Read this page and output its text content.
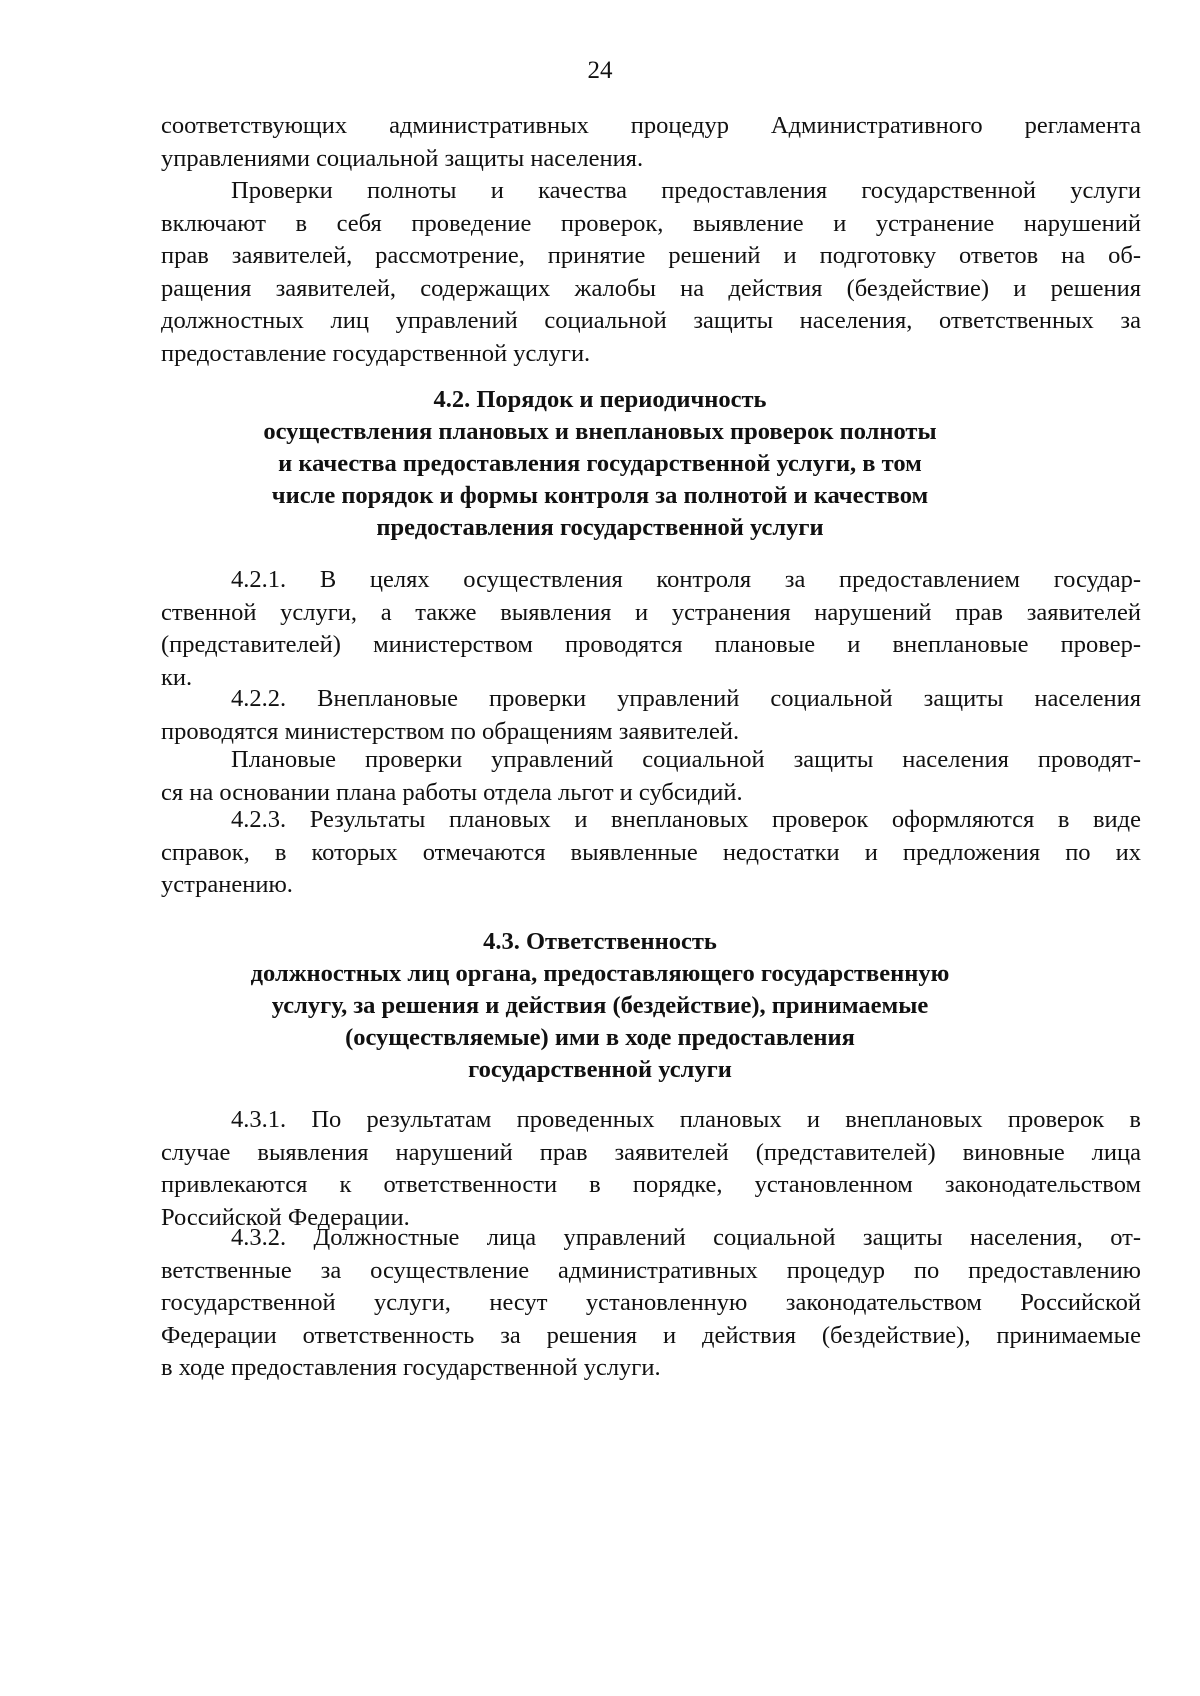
24
соответствующих административных процедур Административного регламента
управлениями социальной защиты населения.
Проверки полноты и качества предоставления государственной услуги
включают в себя проведение проверок, выявление и устранение нарушений
прав заявителей, рассмотрение, принятие решений и подготовку ответов на об-
ращения заявителей, содержащих жалобы на действия (бездействие) и решения
должностных лиц управлений социальной защиты населения, ответственных за
предоставление государственной услуги.
4.2. Порядок и периодичность
осуществления плановых и внеплановых проверок полноты
и качества предоставления государственной услуги, в том
числе порядок и формы контроля за полнотой и качеством
предоставления государственной услуги
4.2.1. В целях осуществления контроля за предоставлением государ-
ственной услуги, а также выявления и устранения нарушений прав заявителей
(представителей) министерством проводятся плановые и внеплановые провер-
ки.
4.2.2. Внеплановые проверки управлений социальной защиты населения
проводятся министерством по обращениям заявителей.
Плановые проверки управлений социальной защиты населения проводят-
ся на основании плана работы отдела льгот и субсидий.
4.2.3. Результаты плановых и внеплановых проверок оформляются в виде
справок, в которых отмечаются выявленные недостатки и предложения по их
устранению.
4.3. Ответственность
должностных лиц органа, предоставляющего государственную
услугу, за решения и действия (бездействие), принимаемые
(осуществляемые) ими в ходе предоставления
государственной услуги
4.3.1. По результатам проведенных плановых и внеплановых проверок в
случае выявления нарушений прав заявителей (представителей) виновные лица
привлекаются к ответственности в порядке, установленном законодательством
Российской Федерации.
4.3.2. Должностные лица управлений социальной защиты населения, от-
ветственные за осуществление административных процедур по предоставлению
государственной услуги, несут установленную законодательством Российской
Федерации ответственность за решения и действия (бездействие), принимаемые
в ходе предоставления государственной услуги.
